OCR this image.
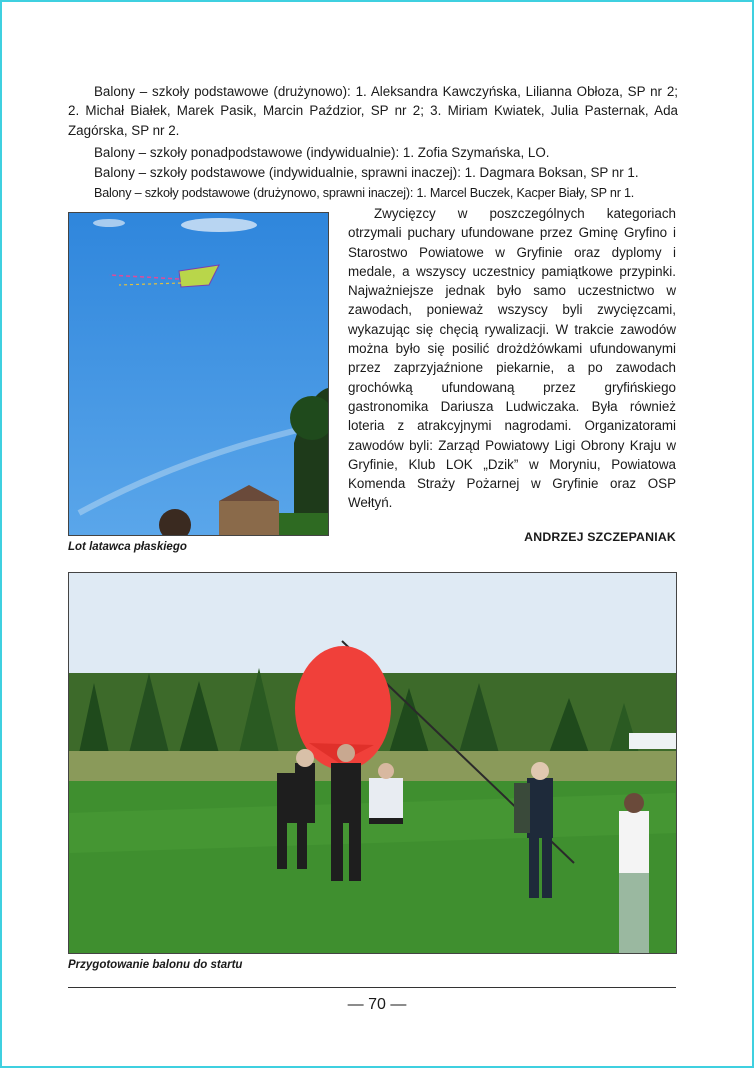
Balony – szkoły podstawowe (drużynowo): 1. Aleksandra Kawczyńska, Lilianna Obłoza, SP nr 2; 2. Michał Białek, Marek Pasik, Marcin Paździor, SP nr 2; 3. Miriam Kwiatek, Julia Pasternak, Ada Zagórska, SP nr 2.

Balony – szkoły ponadpodstawowe (indywidualnie): 1. Zofia Szymańska, LO.

Balony – szkoły podstawowe (indywidualnie, sprawni inaczej): 1. Dagmara Boksan, SP nr 1.

Balony – szkoły podstawowe (drużynowo, sprawni inaczej): 1. Marcel Buczek, Kacper Biały, SP nr 1.

Lot latawca płaskiego

Zwycięzcy w poszczególnych kategoriach otrzymali puchary ufundowane przez Gminę Gryfino i Starostwo Powiatowe w Gryfinie oraz dyplomy i medale, a wszyscy uczestnicy pamiątkowe przypinki. Najważniejsze jednak było samo uczestnictwo w zawodach, ponieważ wszyscy byli zwycięzcami, wykazując się chęcią rywalizacji. W trakcie zawodów można było się posilić drożdżówkami ufundowanymi przez zaprzyjaźnione piekarnie, a po zawodach grochówką ufundowaną przez gryfińskiego gastronomika Dariusza Ludwiczaka. Była również loteria z atrakcyjnymi nagrodami. Organizatorami zawodów byli: Zarząd Powiatowy Ligi Obrony Kraju w Gryfinie, Klub LOK „Dzik” w Moryniu, Powiatowa Komenda Straży Pożarnej w Gryfinie oraz OSP Wełtyń.

ANDRZEJ SZCZEPANIAK

Przygotowanie balonu do startu

— 70 —
